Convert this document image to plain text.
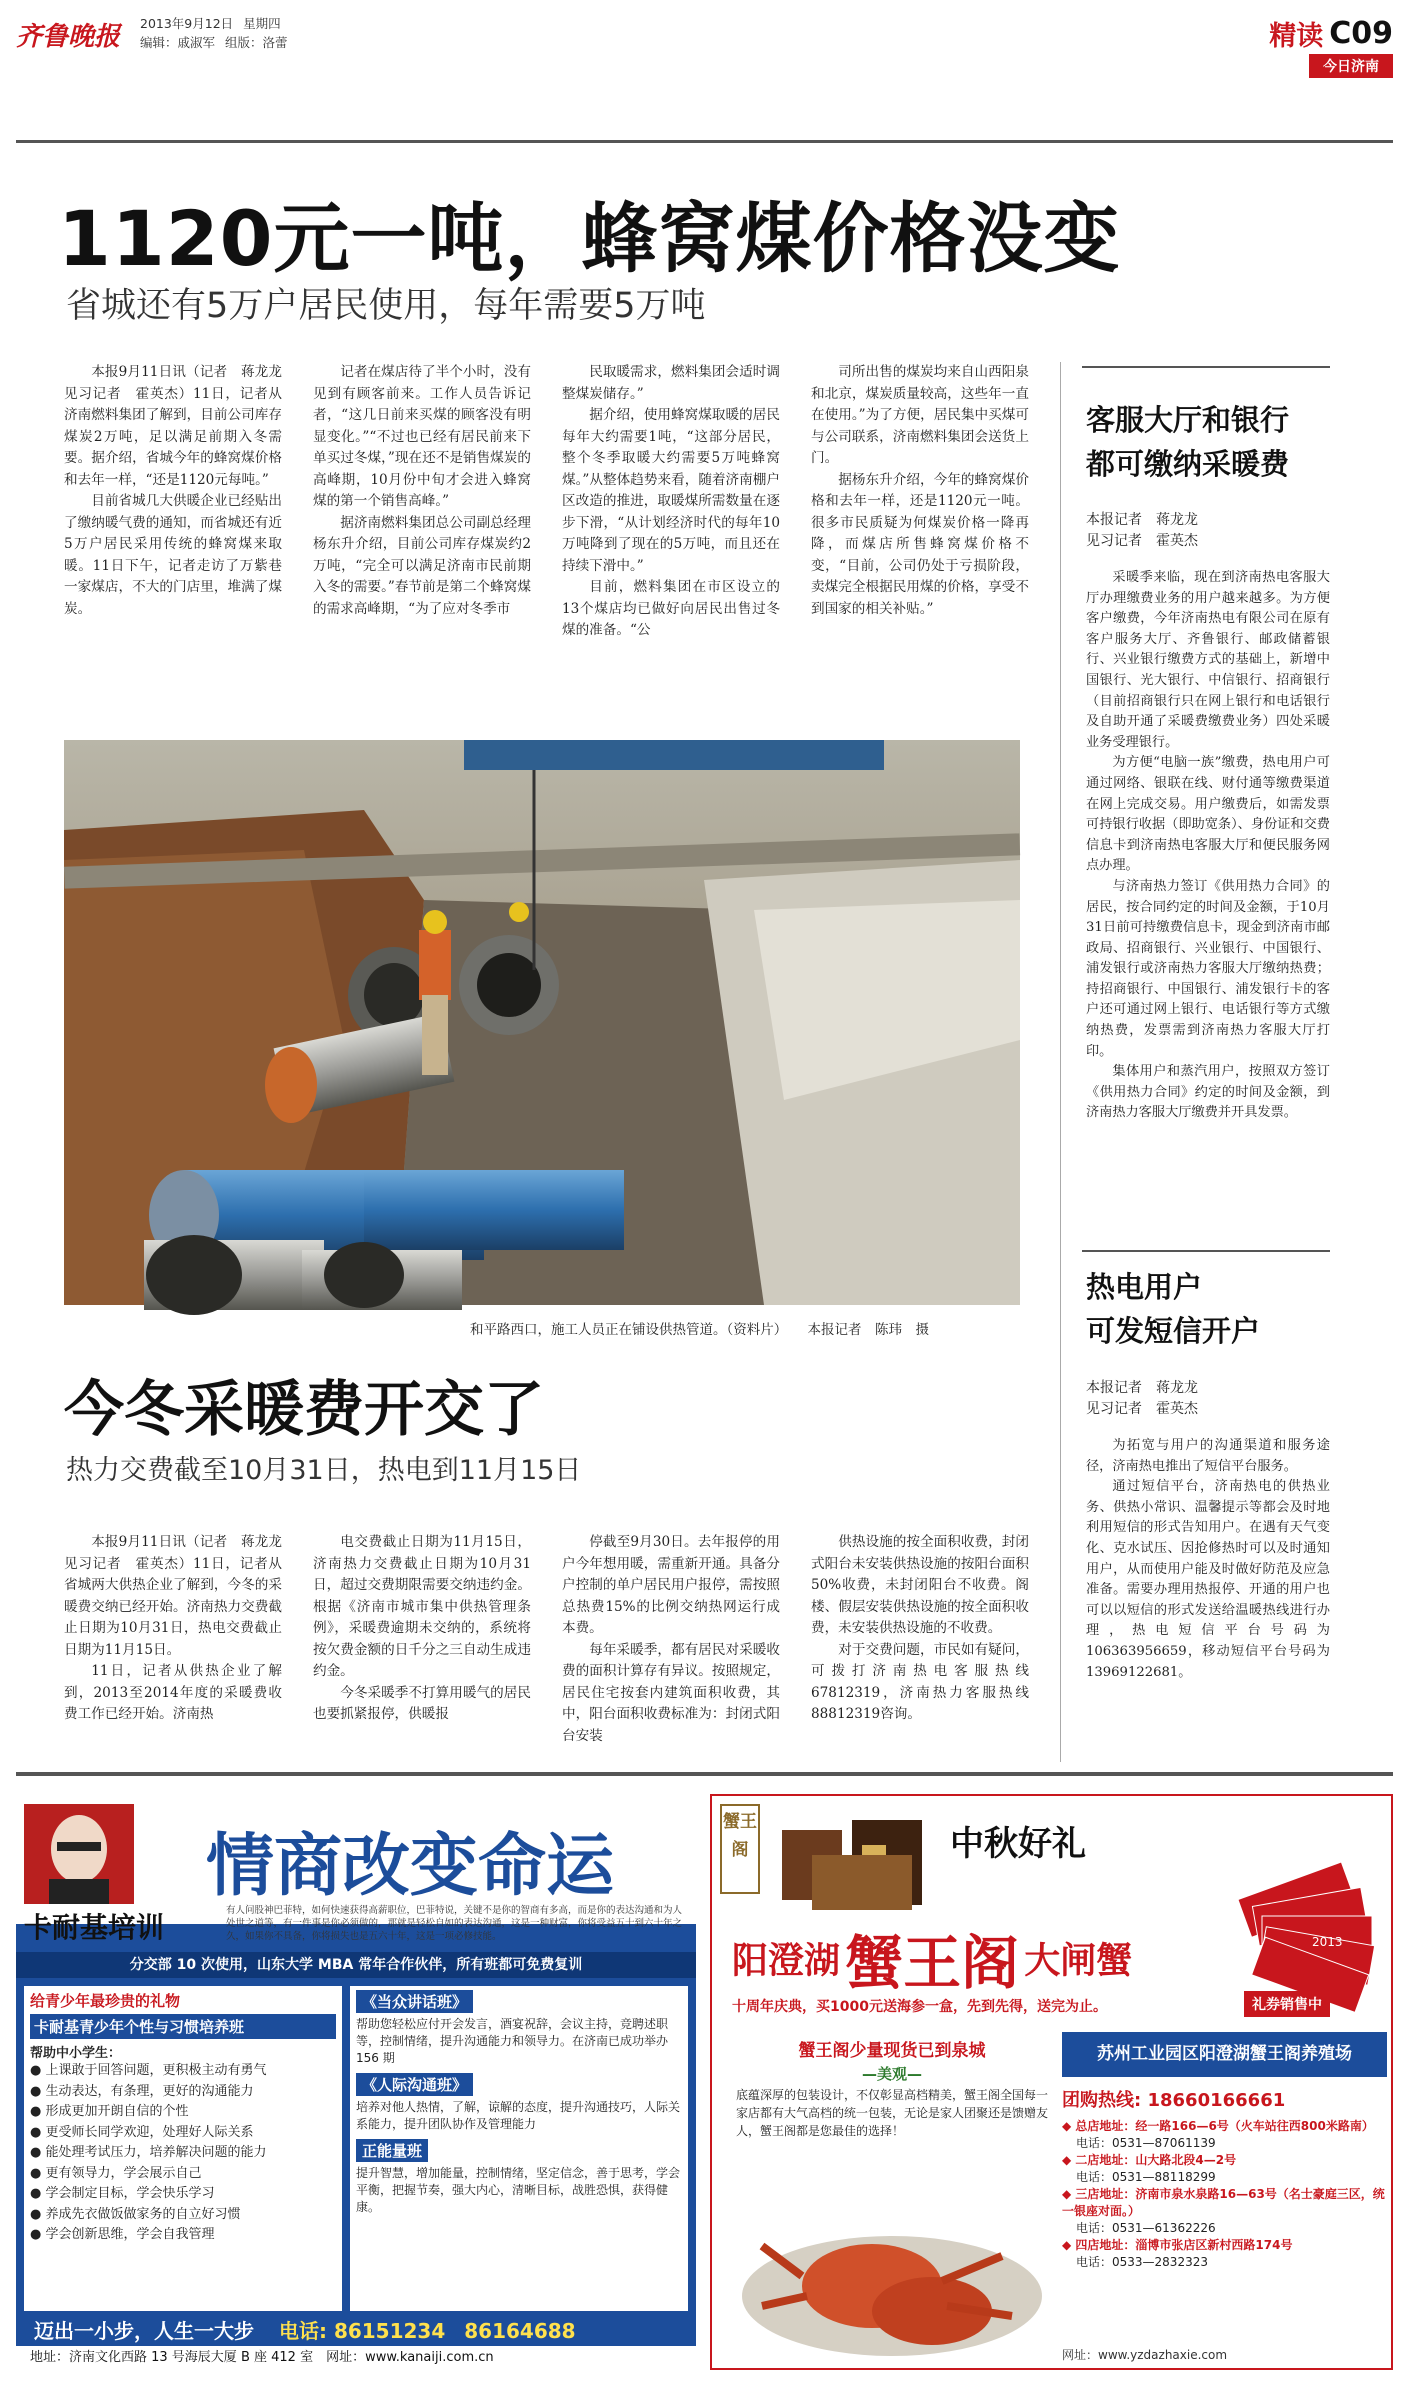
齐鲁晚报 2013年9月12日 星期四
编辑：戚淑军 组版：洛蕾	精读 C09
今日济南
1120元一吨，蜂窝煤价格没变
省城还有5万户居民使用，每年需要5万吨

本报9月11日讯（记者　蒋龙龙　见习记者　霍英杰）11日，记者从济南燃料集团了解到，目前公司库存煤炭2万吨，足以满足前期入冬需要。据介绍，省城今年的蜂窝煤价格和去年一样，“还是1120元每吨。”

目前省城几大供暖企业已经贴出了缴纳暖气费的通知，而省城还有近5万户居民采用传统的蜂窝煤来取暖。11日下午，记者走访了万紫巷一家煤店，不大的门店里，堆满了煤炭。

记者在煤店待了半个小时，没有见到有顾客前来。工作人员告诉记者，“这几日前来买煤的顾客没有明显变化。”“不过也已经有居民前来下单买过冬煤，”现在还不是销售煤炭的高峰期，10月份中旬才会进入蜂窝煤的第一个销售高峰。”

据济南燃料集团总公司副总经理杨东升介绍，目前公司库存煤炭约2万吨，“完全可以满足济南市民前期入冬的需要。”春节前是第二个蜂窝煤的需求高峰期，“为了应对冬季市

民取暖需求，燃料集团会适时调整煤炭储存。”

据介绍，使用蜂窝煤取暖的居民每年大约需要1吨，“这部分居民，整个冬季取暖大约需要5万吨蜂窝煤。”从整体趋势来看，随着济南棚户区改造的推进，取暖煤所需数量在逐步下滑，“从计划经济时代的每年10万吨降到了现在的5万吨，而且还在持续下滑中。”

目前，燃料集团在市区设立的13个煤店均已做好向居民出售过冬煤的准备。“公

司所出售的煤炭均来自山西阳泉和北京，煤炭质量较高，这些年一直在使用。”为了方便，居民集中买煤可与公司联系，济南燃料集团会送货上门。

据杨东升介绍，今年的蜂窝煤价格和去年一样，还是1120元一吨。很多市民质疑为何煤炭价格一降再降，而煤店所售蜂窝煤价格不变，“目前，公司仍处于亏损阶段，卖煤完全根据民用煤的价格，享受不到国家的相关补贴。”

和平路西口，施工人员正在铺设供热管道。（资料片）　　本报记者　陈玮　摄
今冬采暖费开交了
热力交费截至10月31日，热电到11月15日

本报9月11日讯（记者　蒋龙龙　见习记者　霍英杰）11日，记者从省城两大供热企业了解到，今冬的采暖费交纳已经开始。济南热力交费截止日期为10月31日，热电交费截止日期为11月15日。

11日，记者从供热企业了解到，2013至2014年度的采暖费收费工作已经开始。济南热

电交费截止日期为11月15日，济南热力交费截止日期为10月31日，超过交费期限需要交纳违约金。根据《济南市城市集中供热管理条例》，采暖费逾期未交纳的，系统将按欠费金额的日千分之三自动生成违约金。

今冬采暖季不打算用暖气的居民也要抓紧报停，供暖报

停截至9月30日。去年报停的用户今年想用暖，需重新开通。具备分户控制的单户居民用户报停，需按照总热费15%的比例交纳热网运行成本费。

每年采暖季，都有居民对采暖收费的面积计算存有异议。按照规定，居民住宅按套内建筑面积收费，其中，阳台面积收费标准为：封闭式阳台安装

供热设施的按全面积收费，封闭式阳台未安装供热设施的按阳台面积50%收费，未封闭阳台不收费。阁楼、假层安装供热设施的按全面积收费，未安装供热设施的不收费。

对于交费问题，市民如有疑问，可拨打济南热电客服热线67812319，济南热力客服热线88812319咨询。

客服大厅和银行
都可缴纳采暖费
本报记者　蒋龙龙
见习记者　霍英杰

采暖季来临，现在到济南热电客服大厅办理缴费业务的用户越来越多。为方便客户缴费，今年济南热电有限公司在原有客户服务大厅、齐鲁银行、邮政储蓄银行、兴业银行缴费方式的基础上，新增中国银行、光大银行、中信银行、招商银行（目前招商银行只在网上银行和电话银行及自助开通了采暖费缴费业务）四处采暖业务受理银行。

为方便“电脑一族”缴费，热电用户可通过网络、银联在线、财付通等缴费渠道在网上完成交易。用户缴费后，如需发票可持银行收据（即助宽条）、身份证和交费信息卡到济南热电客服大厅和便民服务网点办理。

与济南热力签订《供用热力合同》的居民，按合同约定的时间及金额，于10月31日前可持缴费信息卡，现金到济南市邮政局、招商银行、兴业银行、中国银行、浦发银行或济南热力客服大厅缴纳热费；持招商银行、中国银行、浦发银行卡的客户还可通过网上银行、电话银行等方式缴纳热费，发票需到济南热力客服大厅打印。

集体用户和蒸汽用户，按照双方签订《供用热力合同》约定的时间及金额，到济南热力客服大厅缴费并开具发票。

热电用户
可发短信开户
本报记者　蒋龙龙
见习记者　霍英杰

为拓宽与用户的沟通渠道和服务途径，济南热电推出了短信平台服务。

通过短信平台，济南热电的供热业务、供热小常识、温馨提示等都会及时地利用短信的形式告知用户。在遇有天气变化、克水试压、因抢修热时可以及时通知用户，从而使用户能及时做好防范及应急准备。需要办理用热报停、开通的用户也可以以短信的形式发送给温暖热线进行办理，热电短信平台号码为106363956659，移动短信平台号码为13969122681。

卡耐基培训
情商改变命运
有人问股神巴菲特，如何快速获得高薪职位，巴菲特说，关键不是你的智商有多高，而是你的表达沟通和为人处世之道等，有一件事是你必须做的，那就是轻松自如的表达沟通，这是一种财富，你将受益五十到六十年之久，如果你不具备，你将损失也是五六十年，这是一项必修技能。
分交部 10 次使用，山东大学 MBA 常年合作伙伴，所有班都可免费复训
给青少年最珍贵的礼物
卡耐基青少年个性与习惯培养班
帮助中小学生：
● 上课敢于回答问题，更积极主动有勇气
● 生动表达，有条理，更好的沟通能力
● 形成更加开朗自信的个性
● 更受师长同学欢迎，处理好人际关系
● 能处理考试压力，培养解决问题的能力
● 更有领导力，学会展示自己
● 学会制定目标，学会快乐学习
● 养成先衣做饭做家务的自立好习惯
● 学会创新思维，学会自我管理
《当众讲话班》
帮助您轻松应付开会发言，酒宴祝辞，会议主持，竞聘述职等，控制情绪，提升沟通能力和领导力。在济南已成功举办 156 期
《人际沟通班》
培养对他人热情，了解，谅解的态度，提升沟通技巧，人际关系能力，提升团队协作及管理能力
正能量班
提升智慧，增加能量，控制情绪，坚定信念，善于思考，学会平衡，把握节奏，强大内心，清晰目标，战胜恐惧，获得健康。
迈出一小步，人生一大步 电话: 86151234 86164688
地址：济南文化西路 13 号海辰大厦 B 座 412 室　网址：www.kanaiji.com.cn
蟹王阁	中秋好礼
阳澄湖 蟹王阁 大闸蟹	2013
十周年庆典，买1000元送海参一盒，先到先得，送完为止。	礼券销售中
蟹王阁少量现货已到泉城
—美观—
底蕴深厚的包装设计，不仅彰显高档精美，蟹王阁全国每一家店都有大气高档的统一包装，无论是家人团聚还是馈赠友人，蟹王阁都是您最佳的选择！
苏州工业园区阳澄湖蟹王阁养殖场
团购热线: 18660166661
◆ 总店地址：经一路166—6号（火车站往西800米路南）
电话：0531—87061139
◆ 二店地址：山大路北段4—2号
电话：0531—88118299
◆ 三店地址：济南市泉水泉路16—63号（名士豪庭三区，统一银座对面。）
电话：0531—61362226
◆ 四店地址：淄博市张店区新村西路174号
电话：0533—2832323
网址：www.yzdazhaxie.com
